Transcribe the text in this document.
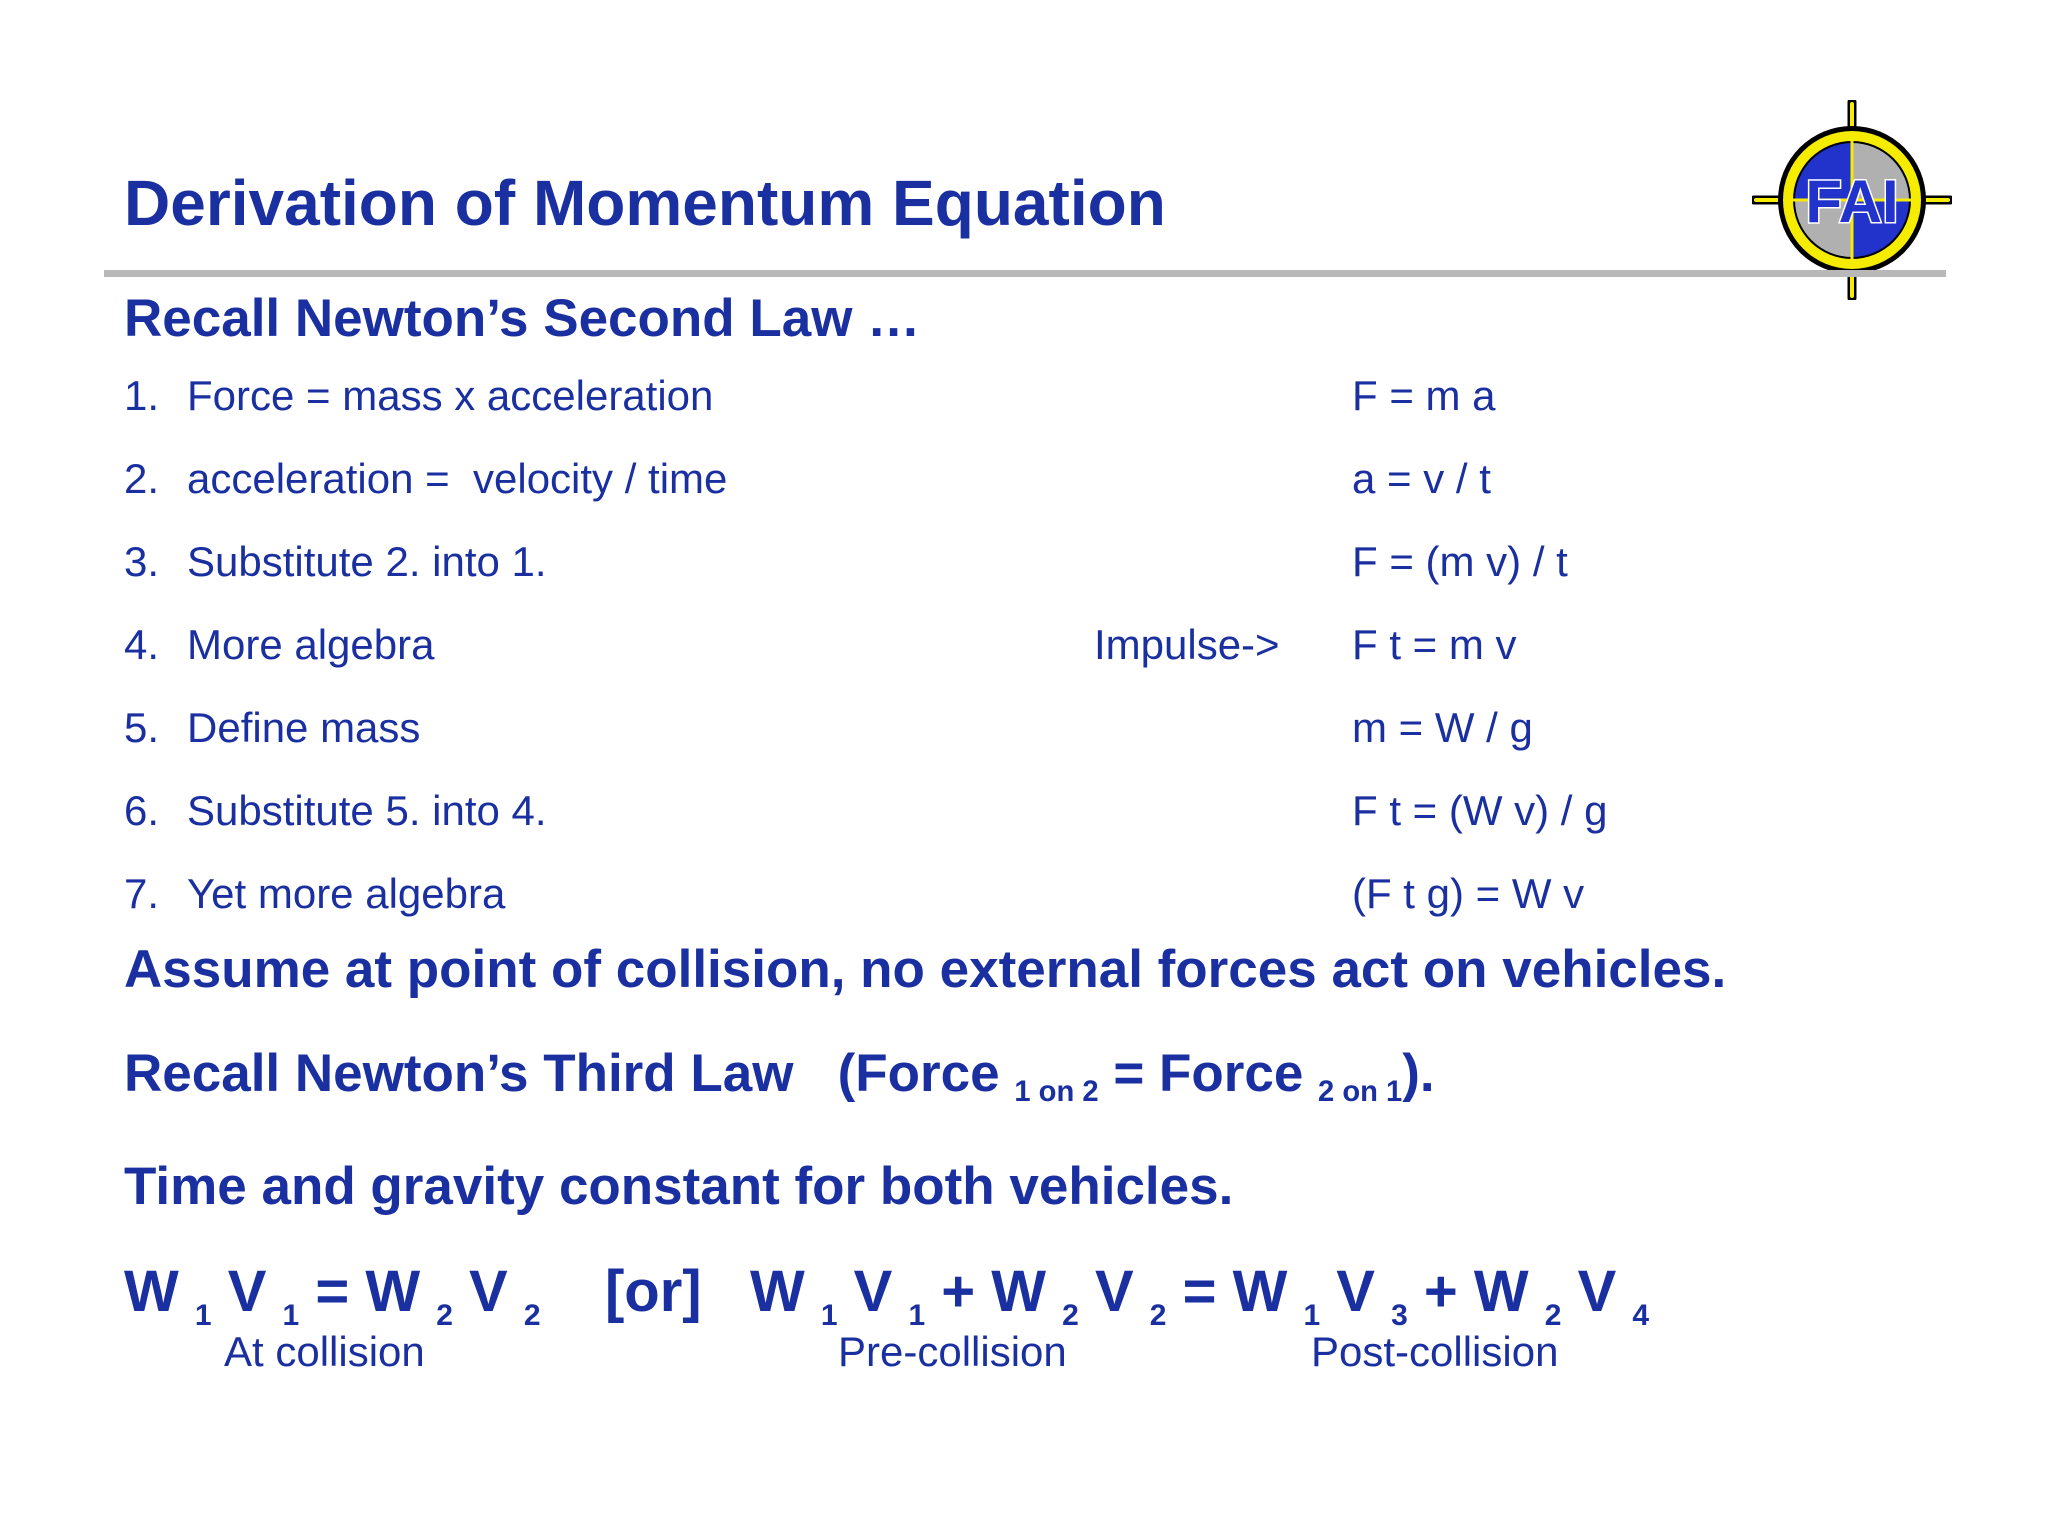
Derivation of Momentum Equation	FAI
Recall Newton’s Second Law …
1. Force = mass x acceleration	F = m a
2. acceleration =  velocity / time	a = v / t
3. Substitute 2. into 1.	F = (m v) / t
4. More algebra	Impulse-> F t = m v
5. Define mass	m = W / g
6. Substitute 5. into 4.	F t = (W v) / g
7. Yet more algebra	(F t g) = W v
Assume at point of collision, no external forces act on vehicles.
Recall Newton’s Third Law   (Force $_{1 on 2}$ = Force $_{2 on 1}$).
Time and gravity constant for both vehicles.
W $_1$ V $_1$ = W $_2$ V $_2$ [or] W $_1$ V $_1$ + W $_2$ V $_2$ = W $_1$ V $_3$ + W $_2$ V $_4$
At collision	Pre-collision	Post-collision
